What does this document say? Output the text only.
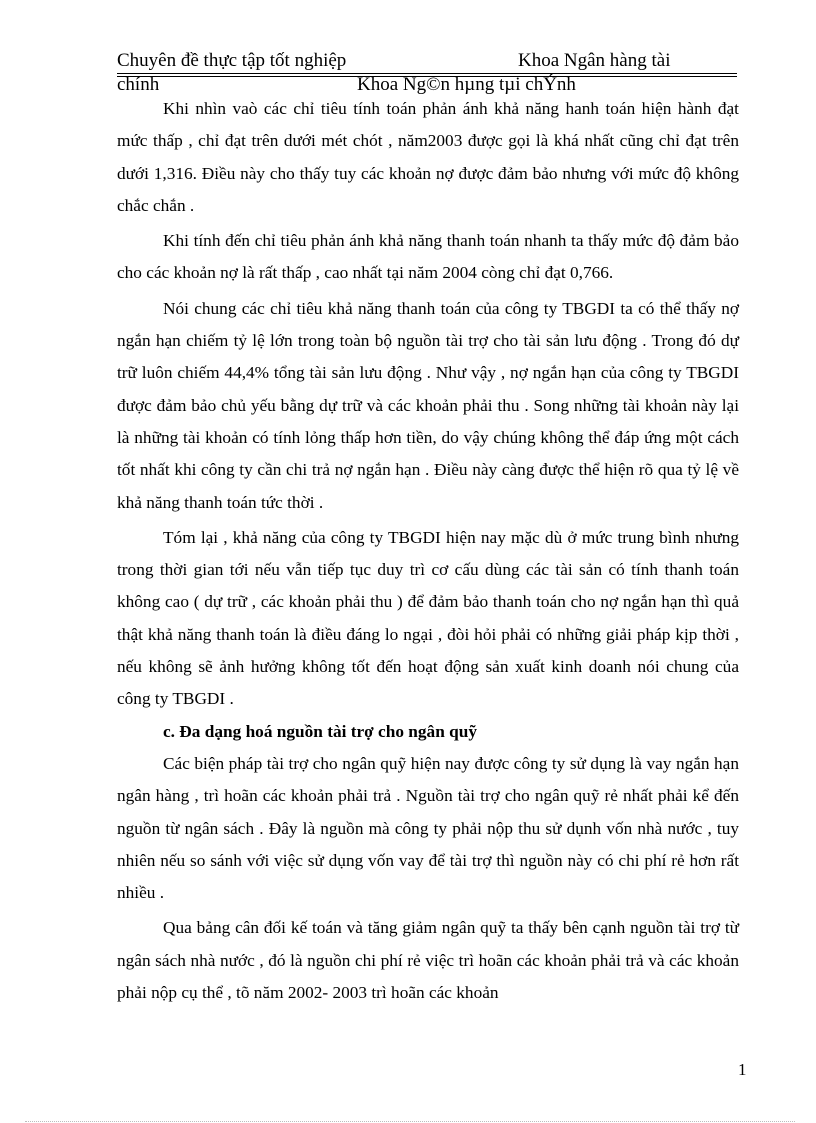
Chuyên đề thực tập tốt nghiệp	Khoa Ngân hàng tài
chính	Khoa Ng©n hµng tµi chÝnh

Khi nhìn vaò các chỉ tiêu tính toán phản ánh khả năng hanh toán hiện hành đạt mức thấp , chỉ đạt trên dưới mét chót , năm2003 được gọi là khá nhất cũng chỉ đạt trên dưới 1,316. Điều này cho thấy tuy các khoản nợ được đảm bảo nhưng với mức độ không chắc chắn .

Khi tính đến chỉ tiêu phản ánh khả năng thanh toán nhanh ta thấy mức độ đảm bảo cho các khoản nợ là rất thấp , cao nhất tại năm 2004 còng chỉ đạt 0,766.

Nói chung các chỉ tiêu khả năng thanh toán của công ty TBGDI ta có thể thấy nợ ngắn hạn chiếm tỷ lệ lớn trong toàn bộ nguồn tài trợ cho tài sản lưu động . Trong đó dự trữ luôn chiếm 44,4% tổng tài sản lưu động . Như vậy , nợ ngắn hạn của công ty TBGDI được đảm bảo chủ yếu bằng dự trữ và các khoản phải thu . Song những tài khoản này lại là những tài khoản có tính lỏng thấp hơn tiền, do vậy chúng không thể đáp ứng một cách tốt nhất khi công ty cần chi trả nợ ngắn hạn . Điều này càng được thể hiện rõ qua tỷ lệ về khả năng thanh toán tức thời .

Tóm lại , khả năng của công ty TBGDI hiện nay mặc dù ở mức trung bình nhưng trong thời gian tới nếu vẫn tiếp tục duy trì cơ cấu dùng các tài sản có tính thanh toán không cao ( dự trữ , các khoản phải thu ) để đảm bảo thanh toán cho nợ ngắn hạn thì quả thật khả năng thanh toán là điều đáng lo ngại , đòi hỏi phải có những giải pháp kịp thời , nếu không sẽ ảnh hưởng không tốt đến hoạt động sản xuất kinh doanh nói chung của công ty TBGDI .

c. Đa dạng hoá nguồn tài trợ cho ngân quỹ

Các biện pháp tài trợ cho ngân quỹ hiện nay được công ty sử dụng là vay ngắn hạn ngân hàng , trì hoãn các khoản phải trả . Nguồn tài trợ cho ngân quỹ rẻ nhất phải kể đến nguồn từ ngân sách . Đây là nguồn mà công ty phải nộp thu sử dụnh vốn nhà nước , tuy nhiên nếu so sánh với việc sử dụng vốn vay để tài trợ thì nguồn này có chi phí rẻ hơn rất nhiều .

Qua bảng cân đối kế toán và tăng giảm ngân quỹ ta thấy bên cạnh nguồn tài trợ từ ngân sách nhà nước , đó là nguồn chi phí rẻ việc trì hoãn các khoản phải trả và các khoản phải nộp cụ thể , tõ năm 2002- 2003 trì hoãn các khoản

1
